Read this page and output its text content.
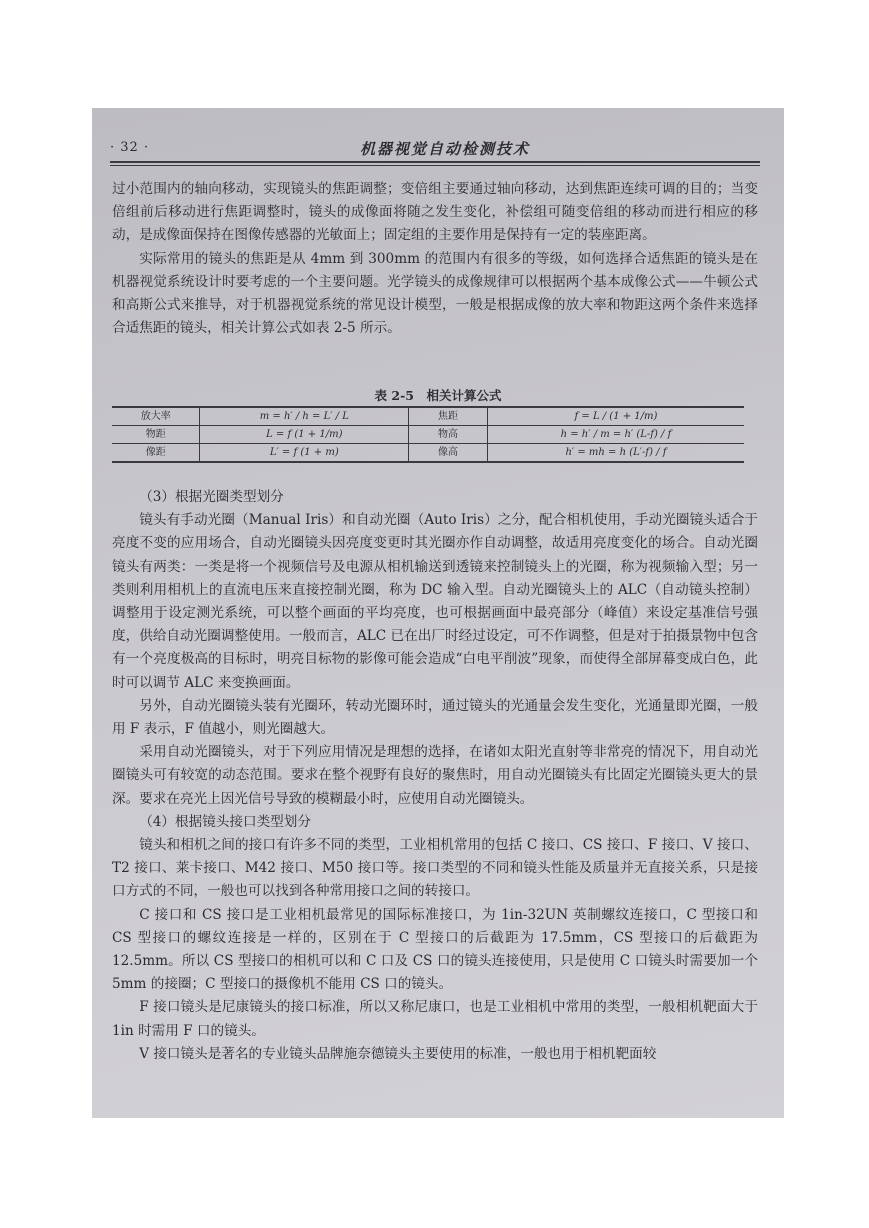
· 32 ·	机器视觉自动检测技术

过小范围内的轴向移动，实现镜头的焦距调整；变倍组主要通过轴向移动，达到焦距连续可调的目的；当变倍组前后移动进行焦距调整时，镜头的成像面将随之发生变化，补偿组可随变倍组的移动而进行相应的移动，是成像面保持在图像传感器的光敏面上；固定组的主要作用是保持有一定的装座距离。

实际常用的镜头的焦距是从 4mm 到 300mm 的范围内有很多的等级，如何选择合适焦距的镜头是在机器视觉系统设计时要考虑的一个主要问题。光学镜头的成像规律可以根据两个基本成像公式——牛顿公式和高斯公式来推导，对于机器视觉系统的常见设计模型，一般是根据成像的放大率和物距这两个条件来选择合适焦距的镜头，相关计算公式如表 2-5 所示。

表 2-5　相关计算公式
放大率	m = h′ / h = L′ / L	焦距	f = L / (1 + 1/m)
物距	L = f (1 + 1/m)	物高	h = h′ / m = h′ (L-f) / f
像距	L′ = f (1 + m)	像高	h′ = mh = h (L′-f) / f

（3）根据光圈类型划分

镜头有手动光圈（Manual Iris）和自动光圈（Auto Iris）之分，配合相机使用，手动光圈镜头适合于亮度不变的应用场合，自动光圈镜头因亮度变更时其光圈亦作自动调整，故适用亮度变化的场合。自动光圈镜头有两类：一类是将一个视频信号及电源从相机输送到透镜来控制镜头上的光圈，称为视频输入型；另一类则利用相机上的直流电压来直接控制光圈，称为 DC 输入型。自动光圈镜头上的 ALC（自动镜头控制）调整用于设定测光系统，可以整个画面的平均亮度，也可根据画面中最亮部分（峰值）来设定基准信号强度，供给自动光圈调整使用。一般而言，ALC 已在出厂时经过设定，可不作调整，但是对于拍摄景物中包含有一个亮度极高的目标时，明亮目标物的影像可能会造成“白电平削波”现象，而使得全部屏幕变成白色，此时可以调节 ALC 来变换画面。

另外，自动光圈镜头装有光圈环，转动光圈环时，通过镜头的光通量会发生变化，光通量即光圈，一般用 F 表示，F 值越小，则光圈越大。

采用自动光圈镜头，对于下列应用情况是理想的选择，在诸如太阳光直射等非常亮的情况下，用自动光圈镜头可有较宽的动态范围。要求在整个视野有良好的聚焦时，用自动光圈镜头有比固定光圈镜头更大的景深。要求在亮光上因光信号导致的模糊最小时，应使用自动光圈镜头。

（4）根据镜头接口类型划分

镜头和相机之间的接口有许多不同的类型，工业相机常用的包括 C 接口、CS 接口、F 接口、V 接口、T2 接口、莱卡接口、M42 接口、M50 接口等。接口类型的不同和镜头性能及质量并无直接关系，只是接口方式的不同，一般也可以找到各种常用接口之间的转接口。

C 接口和 CS 接口是工业相机最常见的国际标准接口，为 1in-32UN 英制螺纹连接口，C 型接口和 CS 型接口的螺纹连接是一样的，区别在于 C 型接口的后截距为 17.5mm，CS 型接口的后截距为 12.5mm。所以 CS 型接口的相机可以和 C 口及 CS 口的镜头连接使用，只是使用 C 口镜头时需要加一个 5mm 的接圈；C 型接口的摄像机不能用 CS 口的镜头。

F 接口镜头是尼康镜头的接口标准，所以又称尼康口，也是工业相机中常用的类型，一般相机靶面大于 1in 时需用 F 口的镜头。

V 接口镜头是著名的专业镜头品牌施奈德镜头主要使用的标准，一般也用于相机靶面较
